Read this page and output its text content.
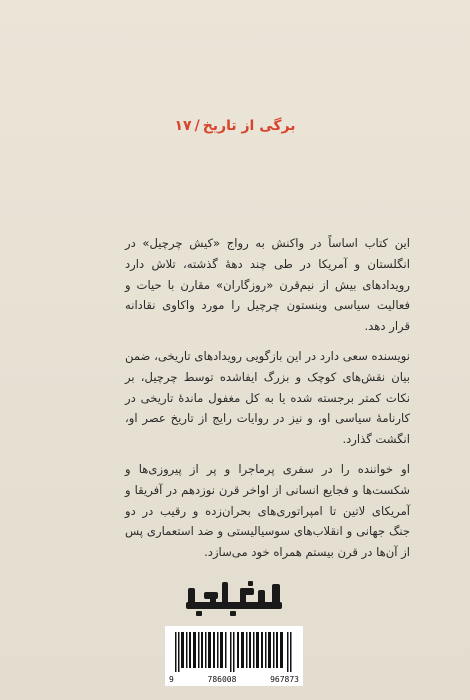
برگی از تاریخ/۱۷

این کتاب اساساً در واکنش به رواج «کیش چرچیل» در انگلستان و آمریکا در طی چند دههٔ گذشته، تلاش دارد رویدادهای بیش از نیم‌قرن «روزگاران» مقارن با حیات و فعالیت سیاسی وینستون چرچیل را مورد واکاوی نقادانه قرار دهد.

نویسنده سعی دارد در این بازگویی رویدادهای تاریخی، ضمن بیان نقش‌های کوچک و بزرگ ایفاشده توسط چرچیل، بر نکات کمتر برجسته شده یا به کل مغفول ماندهٔ تاریخی در کارنامهٔ سیاسی او، و نیز در روایات رایج از تاریخ عصر او، انگشت گذارد.

او خواننده را در سفری پرماجرا و پر از پیروزی‌ها و شکست‌ها و فجایع انسانی از اواخر قرن نوزدهم در آفریقا و آمریکای لاتین تا امپراتوری‌های بحران‌زده و رقیب در دو جنگ جهانی و انقلاب‌های سوسیالیستی و ضد استعماری پس از آن‌ها در قرن بیستم همراه خود می‌سازد.

9	786008	967873
